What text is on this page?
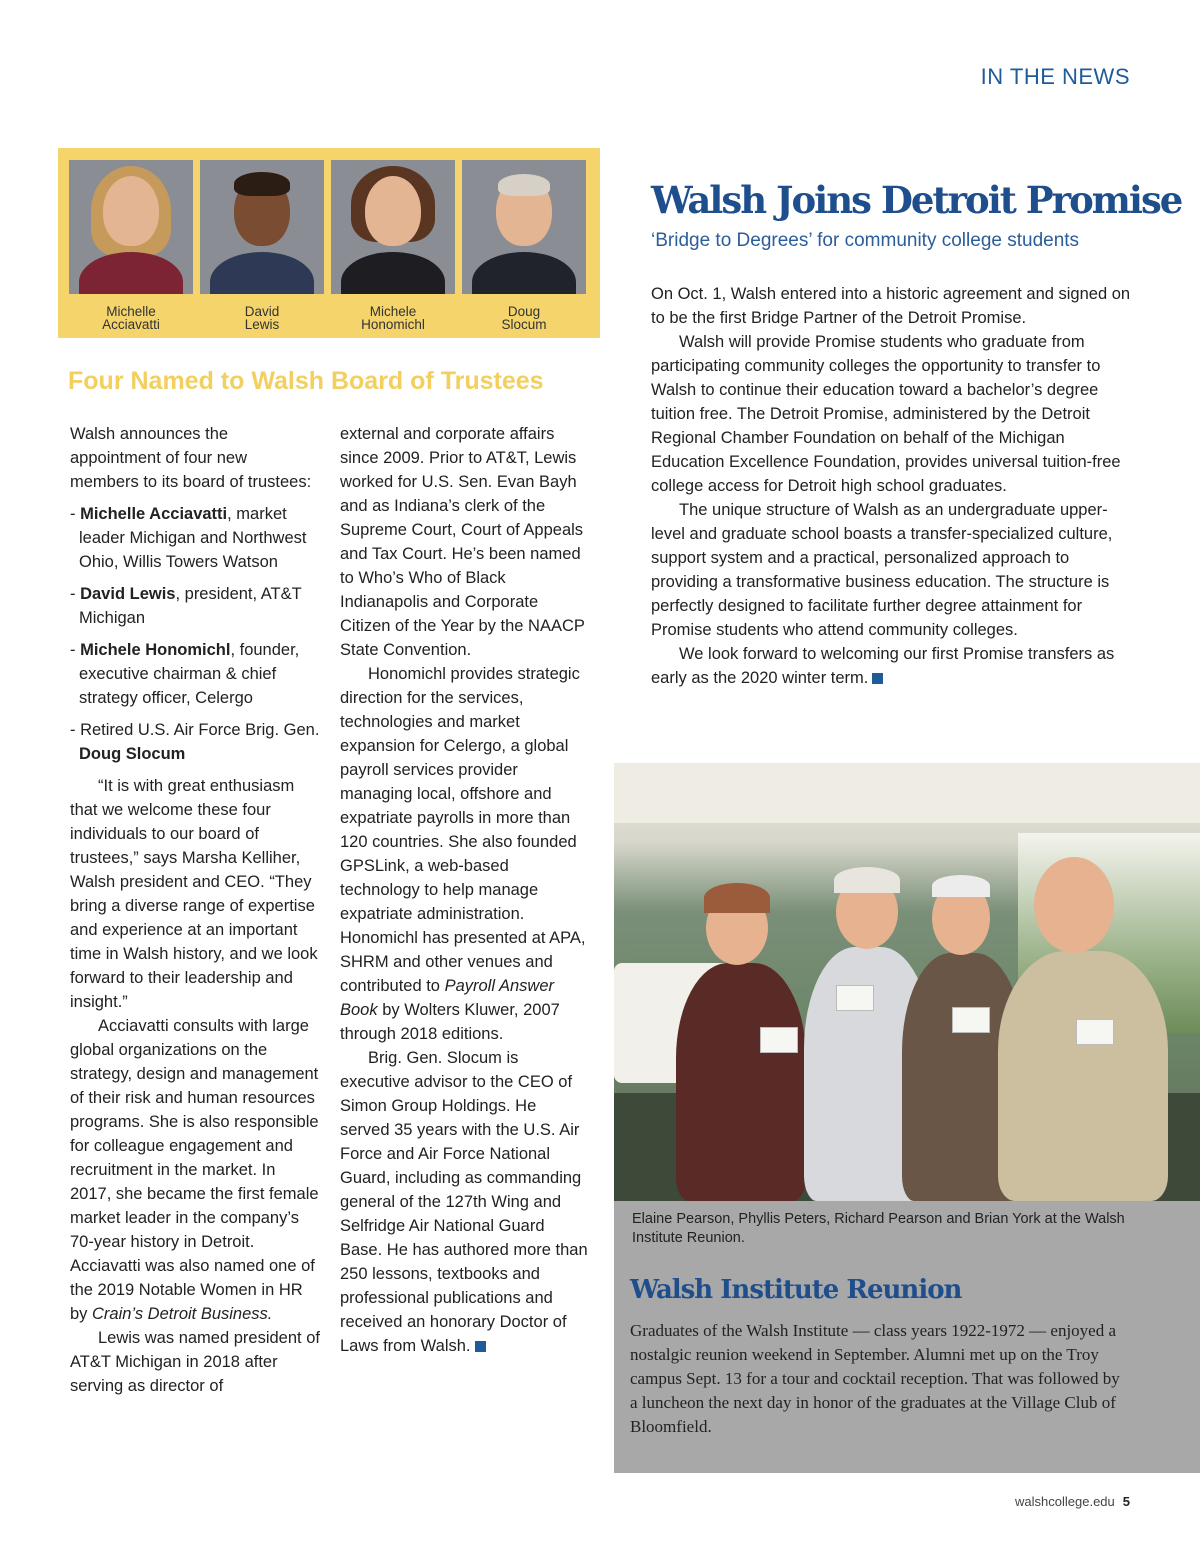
IN THE NEWS
Michelle
Acciavatti
David
Lewis
Michele
Honomichl
Doug
Slocum
Four Named to Walsh Board of Trustees

Walsh announces the appointment of four new members to its board of trustees:

- Michelle Acciavatti, market leader Michigan and Northwest Ohio, Willis Towers Watson

- David Lewis, president, AT&T Michigan

- Michele Honomichl, founder, executive chairman & chief strategy officer, Celergo

- Retired U.S. Air Force Brig. Gen. Doug Slocum

“It is with great enthusiasm that we welcome these four individuals to our board of trustees,” says Marsha Kelliher, Walsh president and CEO. “They bring a diverse range of expertise and experience at an important time in Walsh history, and we look forward to their leadership and insight.”

Acciavatti consults with large global organizations on the strategy, design and management of their risk and human resources programs. She is also responsible for colleague engagement and recruitment in the market. In 2017, she became the first female market leader in the company’s 70-year history in Detroit. Acciavatti was also named one of the 2019 Notable Women in HR by Crain’s Detroit Business.

Lewis was named president of AT&T Michigan in 2018 after serving as director of

external and corporate affairs since 2009. Prior to AT&T, Lewis worked for U.S. Sen. Evan Bayh and as Indiana’s clerk of the Supreme Court, Court of Appeals and Tax Court. He’s been named to Who’s Who of Black Indianapolis and Corporate Citizen of the Year by the NAACP State Convention.

Honomichl provides strategic direction for the services, technologies and market expansion for Celergo, a global payroll services provider managing local, offshore and expatriate payrolls in more than 120 countries. She also founded GPSLink, a web-based technology to help manage expatriate administration. Honomichl has presented at APA, SHRM and other venues and contributed to Payroll Answer Book by Wolters Kluwer, 2007 through 2018 editions.

Brig. Gen. Slocum is executive advisor to the CEO of Simon Group Holdings. He served 35 years with the U.S. Air Force and Air Force National Guard, including as commanding general of the 127th Wing and Selfridge Air National Guard Base. He has authored more than 250 lessons, textbooks and professional publications and received an honorary Doctor of Laws from Walsh.

Walsh Joins Detroit Promise
‘Bridge to Degrees’ for community college students

On Oct. 1, Walsh entered into a historic agreement and signed on to be the first Bridge Partner of the Detroit Promise.

Walsh will provide Promise students who graduate from participating community colleges the opportunity to transfer to Walsh to continue their education toward a bachelor’s degree tuition free. The Detroit Promise, administered by the Detroit Regional Chamber Foundation on behalf of the Michigan Education Excellence Foundation, provides universal tuition-free college access for Detroit high school graduates.

The unique structure of Walsh as an undergraduate upper-level and graduate school boasts a transfer-specialized culture, support system and a practical, personalized approach to providing a transformative business education. The structure is perfectly designed to facilitate further degree attainment for Promise students who attend community colleges.

We look forward to welcoming our first Promise transfers as early as the 2020 winter term.

Elaine Pearson, Phyllis Peters, Richard Pearson and Brian York at the Walsh Institute Reunion.
Walsh Institute Reunion
Graduates of the Walsh Institute — class years 1922-1972 — enjoyed a nostalgic reunion weekend in September. Alumni met up on the Troy campus Sept. 13 for a tour and cocktail reception. That was followed by a luncheon the next day in honor of the graduates at the Village Club of Bloomfield.
walshcollege.edu 5
